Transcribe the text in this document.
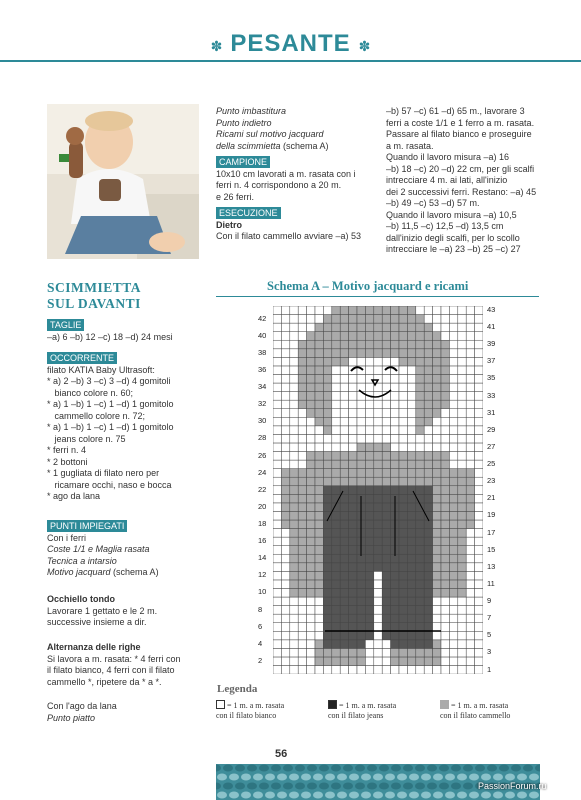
✽ PESANTE ✽
SCIMMIETTA
SUL DAVANTI
TAGLIE
–a) 6 –b) 12 –c) 18 –d) 24 mesi
OCCORRENTE
filato KATIA Baby Ultrasoft:
* a) 2 –b) 3 –c) 3 –d) 4 gomitoli
bianco colore n. 60;
* a) 1 –b) 1 –c) 1 –d) 1 gomitolo
cammello colore n. 72;
* a) 1 –b) 1 –c) 1 –d) 1 gomitolo
jeans colore n. 75
* ferri n. 4
* 2 bottoni
* 1 gugliata di filato nero per
ricamare occhi, naso e bocca
* ago da lana
PUNTI IMPIEGATI
Con i ferri
Coste 1/1 e Maglia rasata
Tecnica a intarsio
Motivo jacquard (schema A)
Occhiello tondo
Lavorare 1 gettato e le 2 m.
successive insieme a dir.
Alternanza delle righe
Si lavora a m. rasata: * 4 ferri con
il filato bianco, 4 ferri con il filato
cammello *, ripetere da * a *.
Con l'ago da lana
Punto piatto
Punto imbastitura
Punto indietro
Ricami sul motivo jacquard
della scimmietta (schema A)
CAMPIONE
10x10 cm lavorati a m. rasata con i
ferri n. 4 corrispondono a 20 m.
e 26 ferri.
ESECUZIONE
Dietro
Con il filato cammello avviare –a) 53
–b) 57 –c) 61 –d) 65 m., lavorare 3
ferri a coste 1/1 e 1 ferro a m. rasata.
Passare al filato bianco e proseguire
a m. rasata.
Quando il lavoro misura –a) 16
–b) 18 –c) 20 –d) 22 cm, per gli scalfi
intrecciare 4 m. ai lati, all'inizio
dei 2 successivi ferri. Restano: –a) 45
–b) 49 –c) 53 –d) 57 m.
Quando il lavoro misura –a) 10,5
–b) 11,5 –c) 12,5 –d) 13,5 cm
dall'inizio degli scalfi, per lo scollo
intrecciare le –a) 23 –b) 25 –c) 27
Schema A – Motivo jacquard e ricami
42
40
38
36
34
32
30
28
26
24
22
20
18
16
14
12
10
8
6
4
2
43
41
39
37
35
33
31
29
27
25
23
21
19
17
15
13
11
9
7
5
3
1
Legenda
= 1 m. a m. rasata
con il filato bianco
= 1 m. a m. rasata
con il filato jeans
= 1 m. a m. rasata
con il filato cammello
56
PassionForum.ru
